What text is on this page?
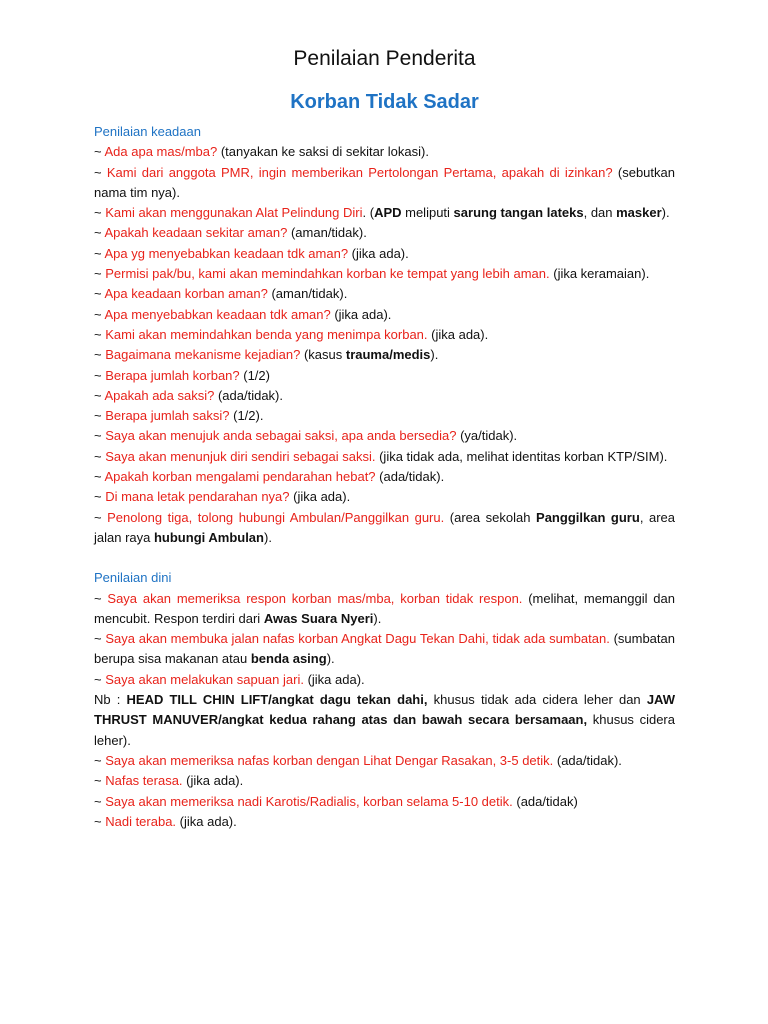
Penilaian Penderita
Korban Tidak Sadar

Penilaian keadaan

~ Ada apa mas/mba? (tanyakan ke saksi di sekitar lokasi).

~ Kami dari anggota PMR, ingin memberikan Pertolongan Pertama, apakah di izinkan? (sebutkan nama tim nya).

~ Kami akan menggunakan Alat Pelindung Diri. (APD meliputi sarung tangan lateks, dan masker).

~ Apakah keadaan sekitar aman? (aman/tidak).

~ Apa yg menyebabkan keadaan tdk aman? (jika ada).

~ Permisi pak/bu, kami akan memindahkan korban ke tempat yang lebih aman. (jika keramaian).

~ Apa keadaan korban aman? (aman/tidak).

~ Apa menyebabkan keadaan tdk aman? (jika ada).

~ Kami akan memindahkan benda yang menimpa korban. (jika ada).

~ Bagaimana mekanisme kejadian? (kasus trauma/medis).

~ Berapa jumlah korban? (1/2)

~ Apakah ada saksi? (ada/tidak).

~ Berapa jumlah saksi? (1/2).

~ Saya akan menujuk anda sebagai saksi, apa anda bersedia? (ya/tidak).

~ Saya akan menunjuk diri sendiri sebagai saksi. (jika tidak ada, melihat identitas korban KTP/SIM).

~ Apakah korban mengalami pendarahan hebat? (ada/tidak).

~ Di mana letak pendarahan nya? (jika ada).

~ Penolong tiga, tolong hubungi Ambulan/Panggilkan guru. (area sekolah Panggilkan guru, area jalan raya hubungi Ambulan).

Penilaian dini

~ Saya akan memeriksa respon korban mas/mba, korban tidak respon. (melihat, memanggil dan mencubit. Respon terdiri dari Awas Suara Nyeri).

~ Saya akan membuka jalan nafas korban Angkat Dagu Tekan Dahi, tidak ada sumbatan. (sumbatan berupa sisa makanan atau benda asing).

~ Saya akan melakukan sapuan jari. (jika ada).

Nb : HEAD TILL CHIN LIFT/angkat dagu tekan dahi, khusus tidak ada cidera leher dan JAW THRUST MANUVER/angkat kedua rahang atas dan bawah secara bersamaan, khusus cidera leher).

~ Saya akan memeriksa nafas korban dengan Lihat Dengar Rasakan, 3-5 detik. (ada/tidak).

~ Nafas terasa. (jika ada).

~ Saya akan memeriksa nadi Karotis/Radialis, korban selama 5-10 detik. (ada/tidak)

~ Nadi teraba. (jika ada).
